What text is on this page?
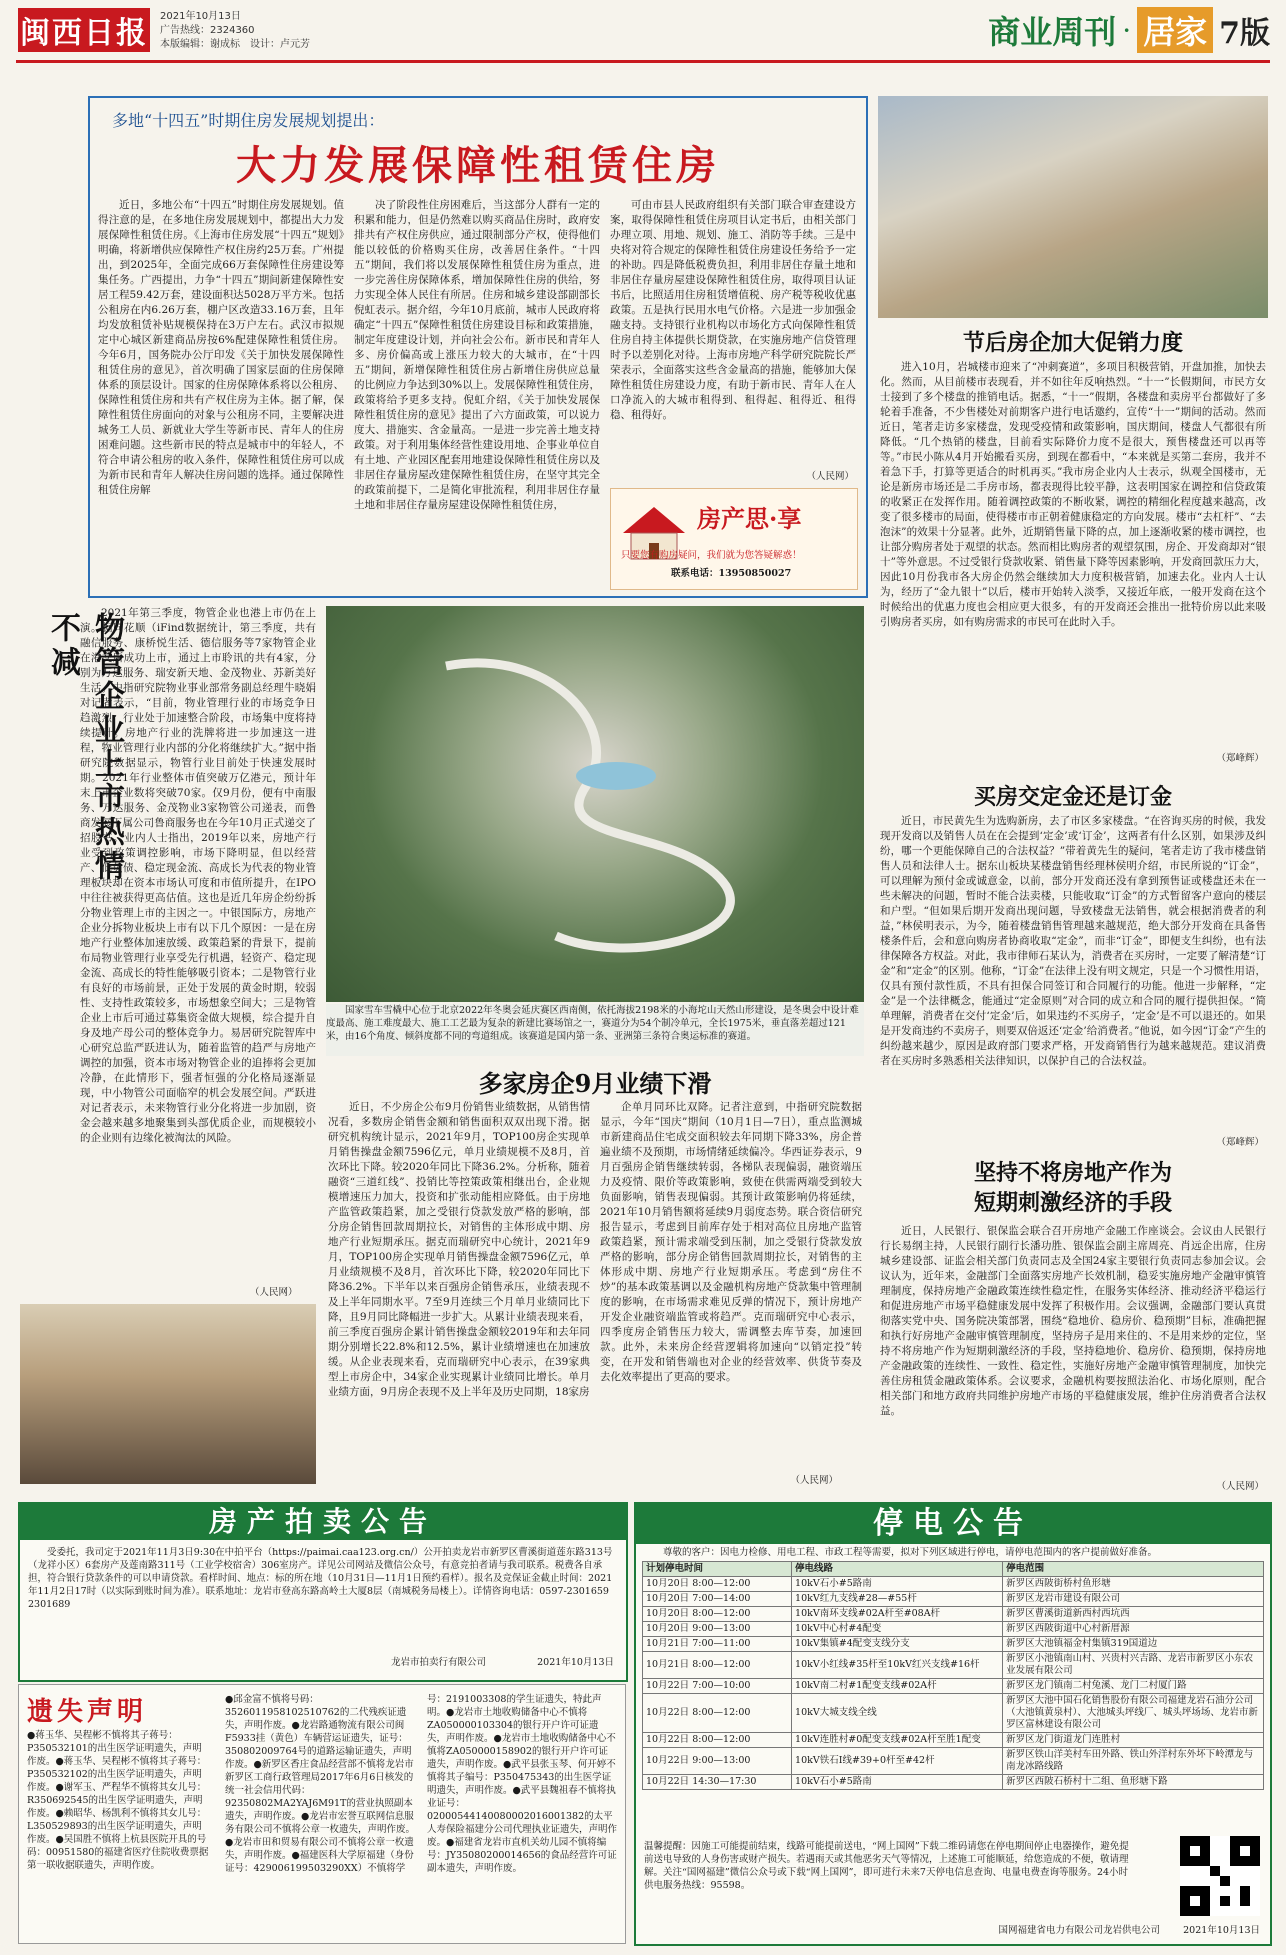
闽西日报 2021年10月13日
广告热线：2324360
本版编辑：谢成标　设计：卢元芳	商业周刊 · 居家 7版
多地“十四五”时期住房发展规划提出：
大力发展保障性租赁住房
近日，多地公布“十四五”时期住房发展规划。值得注意的是，在多地住房发展规划中，都提出大力发展保障性租赁住房。《上海市住房发展“十四五”规划》明确，将新增供应保障性产权住房约25万套。广州提出，到2025年，全面完成66万套保障性住房建设筹集任务。广西提出，力争“十四五”期间新建保障性安居工程59.42万套，建设面积达5028万平方米。包括公租房在内6.26万套，棚户区改造33.16万套，且年均发放租赁补贴规模保持在3万户左右。武汉市拟规定中心城区新建商品房按6%配建保障性租赁住房。今年6月，国务院办公厅印发《关于加快发展保障性租赁住房的意见》，首次明确了国家层面的住房保障体系的顶层设计。国家的住房保障体系将以公租房、保障性租赁住房和共有产权住房为主体。据了解，保障性租赁住房面向的对象与公租房不同，主要解决进城务工人员、新就业大学生等新市民、青年人的住房困难问题。这些新市民的特点是城市中的年轻人，不符合申请公租房的收入条件，保障性租赁住房可以成为新市民和青年人解决住房问题的选择。通过保障性租赁住房解
决了阶段性住房困难后，当这部分人群有一定的积累和能力，但是仍然难以购买商品住房时，政府安排共有产权住房供应，通过限制部分产权，使得他们能以较低的价格购买住房，改善居住条件。“十四五”期间，我们将以发展保障性租赁住房为重点，进一步完善住房保障体系，增加保障性住房的供给，努力实现全体人民住有所居。住房和城乡建设部副部长倪虹表示。据介绍，今年10月底前，城市人民政府将确定“十四五”保障性租赁住房建设目标和政策措施，制定年度建设计划，并向社会公布。新市民和青年人多、房价偏高或上涨压力较大的大城市，在“十四五”期间，新增保障性租赁住房占新增住房供应总量的比例应力争达到30%以上。发展保障性租赁住房，政策将给予更多支持。倪虹介绍，《关于加快发展保障性租赁住房的意见》提出了六方面政策，可以说力度大、措施实、含金量高。一是进一步完善土地支持政策。对于利用集体经营性建设用地、企事业单位自有土地、产业园区配套用地建设保障性租赁住房以及非居住存量房屋改建保障性租赁住房，在坚守其完全的政策前提下，二是简化审批流程，利用非居住存量土地和非居住存量房屋建设保障性租赁住房，
可由市县人民政府组织有关部门联合审查建设方案，取得保障性租赁住房项目认定书后，由相关部门办理立项、用地、规划、施工、消防等手续。三是中央将对符合规定的保障性租赁住房建设任务给予一定的补助。四是降低税费负担，利用非居住存量土地和非居住存量房屋建设保障性租赁住房，取得项目认证书后，比照适用住房租赁增值税、房产税等税收优惠政策。五是执行民用水电气价格。六是进一步加强金融支持。支持银行业机构以市场化方式向保障性租赁住房自持主体提供长期贷款，在实施房地产信贷管理时予以差别化对待。上海市房地产科学研究院院长严荣表示，全面落实这些含金量高的措施，能够加大保障性租赁住房建设力度，有助于新市民、青年人在人口净流入的大城市租得到、租得起、租得近、租得稳、租得好。
（人民网）
房产思·享
只要您有购房疑问，我们就为您答疑解惑！
联系电话：13950850027
节后房企加大促销力度
进入10月，岩城楼市迎来了“冲刺赛道”，多项目积极营销，开盘加推，加快去化。然而，从目前楼市表现看，并不如往年反响热烈。“十一”长假期间，市民方女士接到了多个楼盘的推销电话。据悉，“十一”假期，各楼盘和卖房平台都做好了多轮着手准备，不少售楼处对前期客户进行电话邀约，宣传“十一”期间的活动。然而近日，笔者走访多家楼盘，发现受疫情和政策影响，国庆期间，楼盘人气都很有所降低。“几个热销的楼盘，目前看实际降价力度不是很大，预售楼盘还可以再等等。”市民小陈从4月开始搬看买房，到现在都看中，“本来就是买第二套房，我并不着急下手，打算等更适合的时机再买。”我市房企业内人士表示，纵观全国楼市，无论是新房市场还是二手房市场，都表现得比较平静，这表明国家在调控和信贷政策的收紧正在发挥作用。随着调控政策的不断收紧，调控的精细化程度越来越高，改变了很多楼市的局面，使得楼市市正朝着健康稳定的方向发展。楼市“去杠杆”、“去泡沫”的效果十分显著。此外，近期销售量下降的点，加上逐渐收紧的楼市调控，也让部分购房者处于观望的状态。然而相比购房者的观望氛围，房企、开发商却对“银十”等外意思。不过受银行贷款收紧、销售量下降等因素影响，开发商回款压力大，因此10月份我市各大房企仍然会继续加大力度积极营销，加速去化。业内人士认为，经历了“金九银十”以后，楼市开始转入淡季，又接近年底，一般开发商在这个时候给出的优惠力度也会相应更大很多，有的开发商还会推出一批特价房以此来吸引购房者买房，如有购房需求的市民可在此时入手。
（郑峰辉）
买房交定金还是订金
近日，市民黄先生为选购新房，去了市区多家楼盘。“在咨询买房的时候，我发现开发商以及销售人员在在会提到‘定金’或‘订金’，这两者有什么区别，如果涉及纠纷，哪一个更能保障自己的合法权益？”带着黄先生的疑问，笔者走访了我市楼盘销售人员和法律人士。据东山板块某楼盘销售经理林侯明介绍，市民所说的“订金”，可以理解为预付金或诚意金，以前，部分开发商还没有拿到预售证或楼盘还未在一些未解决的问题，暂时不能合法卖楼，只能收取“订金”的方式暂留客户意向的楼层和户型。“但如果后期开发商出现问题，导致楼盘无法销售，就会根据消费者的利益，”林侯明表示，为今，随着楼盘销售管理越来越规范，绝大部分开发商在具备售楼条件后，会和意向购房者协商收取“定金”，而非“订金”，即便支生纠纷，也有法律保障各方权益。对此，我市律师石某认为，消费者在买房时，一定要了解清楚“订金”和“定金”的区别。他称，“订金”在法律上没有明文规定，只是一个习惯性用语，仅具有预付款性质，不具有担保合同签订和合同履行的功能。他进一步解释，“定金”是一个法律概念，能通过“定金原则”对合同的成立和合同的履行提供担保。“简单理解，消费者在交付‘定金’后，如果违约不买房子，‘定金’是不可以退还的。如果是开发商违约不卖房子，则要双倍返还‘定金’给消费者。”他说，如今因“订金”产生的纠纷越来越少，原因是政府部门要求严格，开发商销售行为越来越规范。建议消费者在买房时多熟悉相关法律知识，以保护自己的合法权益。
（郑峰辉）
坚持不将房地产作为
短期刺激经济的手段
近日，人民银行、银保监会联合召开房地产金融工作座谈会。会议由人民银行行长易纲主持，人民银行副行长潘功胜、银保监会副主席周亮、肖远企出席，住房城乡建设部、证监会相关部门负责同志及全国24家主要银行负责同志参加会议。会议认为，近年来，金融部门全面落实房地产长效机制，稳妥实施房地产金融审慎管理制度，保持房地产金融政策连续性稳定性，在服务实体经济、推动经济平稳运行和促进房地产市场平稳健康发展中发挥了积极作用。会议强调，金融部门要认真贯彻落实党中央、国务院决策部署，围绕“稳地价、稳房价、稳预期”目标，准确把握和执行好房地产金融审慎管理制度，坚持房子是用来住的、不是用来炒的定位，坚持不将房地产作为短期刺激经济的手段，坚持稳地价、稳房价、稳预期，保持房地产金融政策的连续性、一致性、稳定性，实施好房地产金融审慎管理制度，加快完善住房租赁金融政策体系。会议要求，金融机构要按照法治化、市场化原则，配合相关部门和地方政府共同维护房地产市场的平稳健康发展，维护住房消费者合法权益。
（人民网）
物管企业上市热情不减	2021年第三季度，物管企业也港上市仍在上演。据同花顺（iFind数据统计，第三季度，共有融信服务、康桥悦生活、德信服务等7家物管企业在港交所成功上市，通过上市聆讯的共有4家，分别为万达服务、瑞安新天地、金茂物业、苏新美好生活。中指研究院物业事业部常务副总经理牛晓娟对记者表示，“目前，物业管理行业的市场竞争日趋激烈，行业处于加速整合阶段，市场集中度将持续提升。房地产行业的洗牌将进一步加速这一进程，物业管理行业内部的分化将继续扩大。”据中指研究院数据显示，物管行业目前处于快速发展时期。2021年行业整体市值突破万亿港元，预计年末上市企业数将突破70家。仅9月份，便有中南服务、万达服务、金茂物业3家物管公司递表，而鲁商发展下属公司鲁商服务也在今年10月正式递交了招股书。业内人士指出，2019年以来，房地产行业受到政策调控影响，市场下降明显，但以经营产、低负债、稳定现金流、高成长为代表的物业管理板块却在资本市场认可度和市值所提升，在IPO中往往被获得更高估值。这也是近几年房企纷纷拆分物业管理上市的主因之一。中银国际方，房地产企业分拆物业板块上市有以下几个原因：一是在房地产行业整体加速放缓、政策趋紧的背景下，提前布局物业管理行业享受先行机遇，轻资产、稳定现金流、高成长的特性能够吸引资本；二是物管行业有良好的市场前景，正处于发展的黄金时期，较弱性、支持性政策较多，市场想象空间大；三是物管企业上市后可通过募集资金做大规模，综合提升自身及地产母公司的整体竞争力。易居研究院智库中心研究总监严跃进认为，随着监管的趋严与房地产调控的加强，资本市场对物管企业的追捧将会更加冷静，在此情形下，强者恒强的分化格局逐渐显现，中小物管公司面临窄的机会发展空间。严跃进对记者表示，未来物管行业分化将进一步加剧，资金会越来越多地聚集到头部优质企业，而规模较小的企业则有边缘化被淘汰的风险。
（人民网）
国家雪车雪橇中心位于北京2022年冬奥会延庆赛区西南侧，依托海拔2198米的小海坨山天然山形建设，是冬奥会中设计难度最高、施工难度最大、施工工艺最为复杂的新建比赛场馆之一，赛道分为54个制冷单元，全长1975米，垂直落差超过121米，由16个角度、倾斜度都不同的弯道组成。该赛道是国内第一条、亚洲第三条符合奥运标准的赛道。
多家房企9月业绩下滑
近日，不少房企公布9月份销售业绩数据，从销售情况看，多数房企销售金额和销售面积双双出现下滑。据研究机构统计显示，2021年9月，TOP100房企实现单月销售操盘金额7596亿元，单月业绩规模不及8月，首次环比下降。较2020年同比下降36.2%。分析称，随着融资“三道红线”、投销比等控策政策相继出台，企业规模增速压力加大，投资和扩张动能相应降低。由于房地产监管政策趋紧，加之受银行贷款发放严格的影响，部分房企销售回款周期拉长，对销售的主体形成中期、房地产行业短期承压。据克而瑞研究中心统计，2021年9月，TOP100房企实现单月销售操盘金额7596亿元，单月业绩规模不及8月，首次环比下降，较2020年同比下降36.2%。下半年以来百强房企销售承压，业绩表现不及上半年同期水平。7至9月连续三个月单月业绩同比下降，且9月同比降幅进一步扩大。从累计业绩表现来看，前三季度百强房企累计销售操盘金额较2019年和去年同期分别增长22.8%和12.5%，累计业绩增速也在加速放缓。从企业表现来看，克而瑞研究中心表示，在39家典型上市房企中，34家企业实现累计业绩同比增长。单月业绩方面，9月房企表现不及上半年及历史同期，18家房
企单月同环比双降。记者注意到，中指研究院数据显示，今年“国庆”期间（10月1日—7日），重点监测城市新建商品住宅成交面积较去年同期下降33%，房企普遍业绩不及预期，市场情绪延续偏冷。华西证券表示，9月百强房企销售继续转弱，各梯队表现偏弱，融资端压力及疫情、限价等政策影响，致使在供需两端受到较大负面影响，销售表现偏弱。其预计政策影响仍将延续，2021年10月销售额将延续9月弱度态势。联合资信研究报告显示，考虑到目前库存处于相对高位且房地产监管政策趋紧，预计需求端受到压制，加之受银行贷款发放严格的影响，部分房企销售回款周期拉长，对销售的主体形成中期、房地产行业短期承压。考虑到“房住不炒”的基本政策基调以及金融机构房地产贷款集中管理制度的影响，在市场需求难见反弹的情况下，预计房地产开发企业融资端监管或将趋严。克而瑞研究中心表示，四季度房企销售压力较大，需调整去库节奏，加速回款。此外，未来房企经营逻辑将加速向“以销定投”转变，在开发和销售端也对企业的经营效率、供货节奏及去化效率提出了更高的要求。
（人民网）
房产拍卖公告
受委托，我司定于2021年11月3日9:30在中拍平台（https://paimai.caa123.org.cn/）公开拍卖龙岩市新罗区曹溪街道莲东路313号（龙祥小区）6套房产及莲南路311号（工业学校宿舍）306室房产。详见公司网站及微信公众号，有意竞拍者请与我司联系。税费各自承担，符合银行贷款条件的可以申请贷款。看样时间、地点：标的所在地（10月31日—11月1日预约看样）。报名及竞保证金截止时间：2021年11月2日17时（以实际到账时间为准）。联系地址：龙岩市登高东路高岭土大厦8层（南城税务局楼上）。详情咨询电话：0597-2301659　2301689
龙岩市拍卖行有限公司	2021年10月13日
遗失声明
●蒋玉华、吴程彬不慎将其子蒋号：P350532101的出生医学证明遗失，声明作废。●蒋玉华、吴程彬不慎将其子蒋号：P350532102的出生医学证明遗失，声明作废。●谢军玉、严程华不慎将其女儿号：R350692545的出生医学证明遗失，声明作废。●赖昭华、杨凯利不慎将其女儿号：L350529893的出生医学证明遗失，声明作废。●吴国胜不慎将上杭县医院开具的号码：00951580的福建省医疗住院收费票据第一联收据联遗失，声明作废。
●邱金富不慎将号码：3526011958102510762的二代残疾证遗失，声明作废。●龙岩路通物流有限公司闽F5933挂（黄色）车辆营运证遗失，证号：350802009764号的道路运输证遗失，声明作废。●新罗区香庄食品经营部不慎将龙岩市新罗区工商行政管理局2017年6月6日核发的统一社会信用代码：92350802MA2YAJ6M91T的营业执照副本遗失，声明作废。●龙岩市宏誉互联网信息服务有限公司不慎将公章一枚遗失，声明作废。●龙岩市田和贸易有限公司不慎将公章一枚遗失，声明作废。●福建医科大学原福建（身份证号：429006199503290XX）不慎将学
号：2191003308的学生证遗失，特此声明。●龙岩市土地收购储备中心不慎将ZA050000103304的银行开户许可证遗失，声明作废。●龙岩市土地收购储备中心不慎将ZA050000158902的银行开户许可证遗失，声明作废。●武平县张玉琴、何开婷不慎将其子编号：P350475343的出生医学证明遗失，声明作废。●武平县魏祖春不慎将执业证号：02000544140080002016001382的太平人寿保险福建分公司代理执业证遗失，声明作废。●福建省龙岩市直机关幼儿园不慎将编号：JY35080200014656的食品经营许可证副本遗失，声明作废。
停电公告
尊敬的客户：因电力检修、用电工程、市政工程等需要，拟对下列区域进行停电，请停电范围内的客户提前做好准备。
计划停电时间	停电线路	停电范围
10月20日 8:00—12:00	10kV石小#5路南	新罗区西陂街桥村鱼形塘
10月20日 7:00—14:00	10kV红九支线#28—#55杆	新罗区龙岩市建设有限公司
10月20日 8:00—12:00	10kV南环支线#02A杆至#08A杆	新罗区曹溪街道新西村西坑西
10月20日 9:00—13:00	10kV中心村#4配变	新罗区西陂街道中心村新厝源
10月21日 7:00—11:00	10kV集镇#4配变支线分支	新罗区大池镇福金村集镇319国道边
10月21日 8:00—12:00	10kV小红线#35杆至10kV红兴支线#16杆	新罗区小池镇南山村、兴贵村兴吉路、龙岩市新罗区小东农业发展有限公司
10月22日 7:00—10:00	10kV南二村#1配变支线#02A杆	新罗区龙门镇南二村兔溪、龙门二村厦门路
10月22日 8:00—12:00	10kV大城支线全线	新罗区大池中国石化销售股份有限公司福建龙岩石油分公司（大池镇黄泉村）、大池城头坪线厂、城头坪场场、龙岩市新罗区富林建设有限公司
10月22日 8:00—12:00	10kV连胜村#0配变支线#02A杆至胜1配变	新罗区龙门街道龙门连胜村
10月22日 9:00—13:00	10kV铁石Ⅰ线#39+0杆至#42杆	新罗区铁山洋美村车田外路、铁山外洋村东外坏下岭潭龙与南龙冰路线路
10月22日 14:30—17:30	10kV石小#5路南	新罗区西陂石桥村十二组、鱼形塘下路
温馨提醒：因施工可能提前结束，线路可能提前送电，“网上国网”下载二维码请您在停电期间停止电器操作，避免提前送电导致的人身伤害或财产损失。若遇雨天或其他恶劣天气等情况，上述施工可能顺延，给您造成的不便，敬请理解。关注“国网福建”微信公众号或下载“网上国网”，即可进行未来7天停电信息查询、电量电费查询等服务。24小时供电服务热线：95598。
国网福建省电力有限公司龙岩供电公司 2021年10月13日
